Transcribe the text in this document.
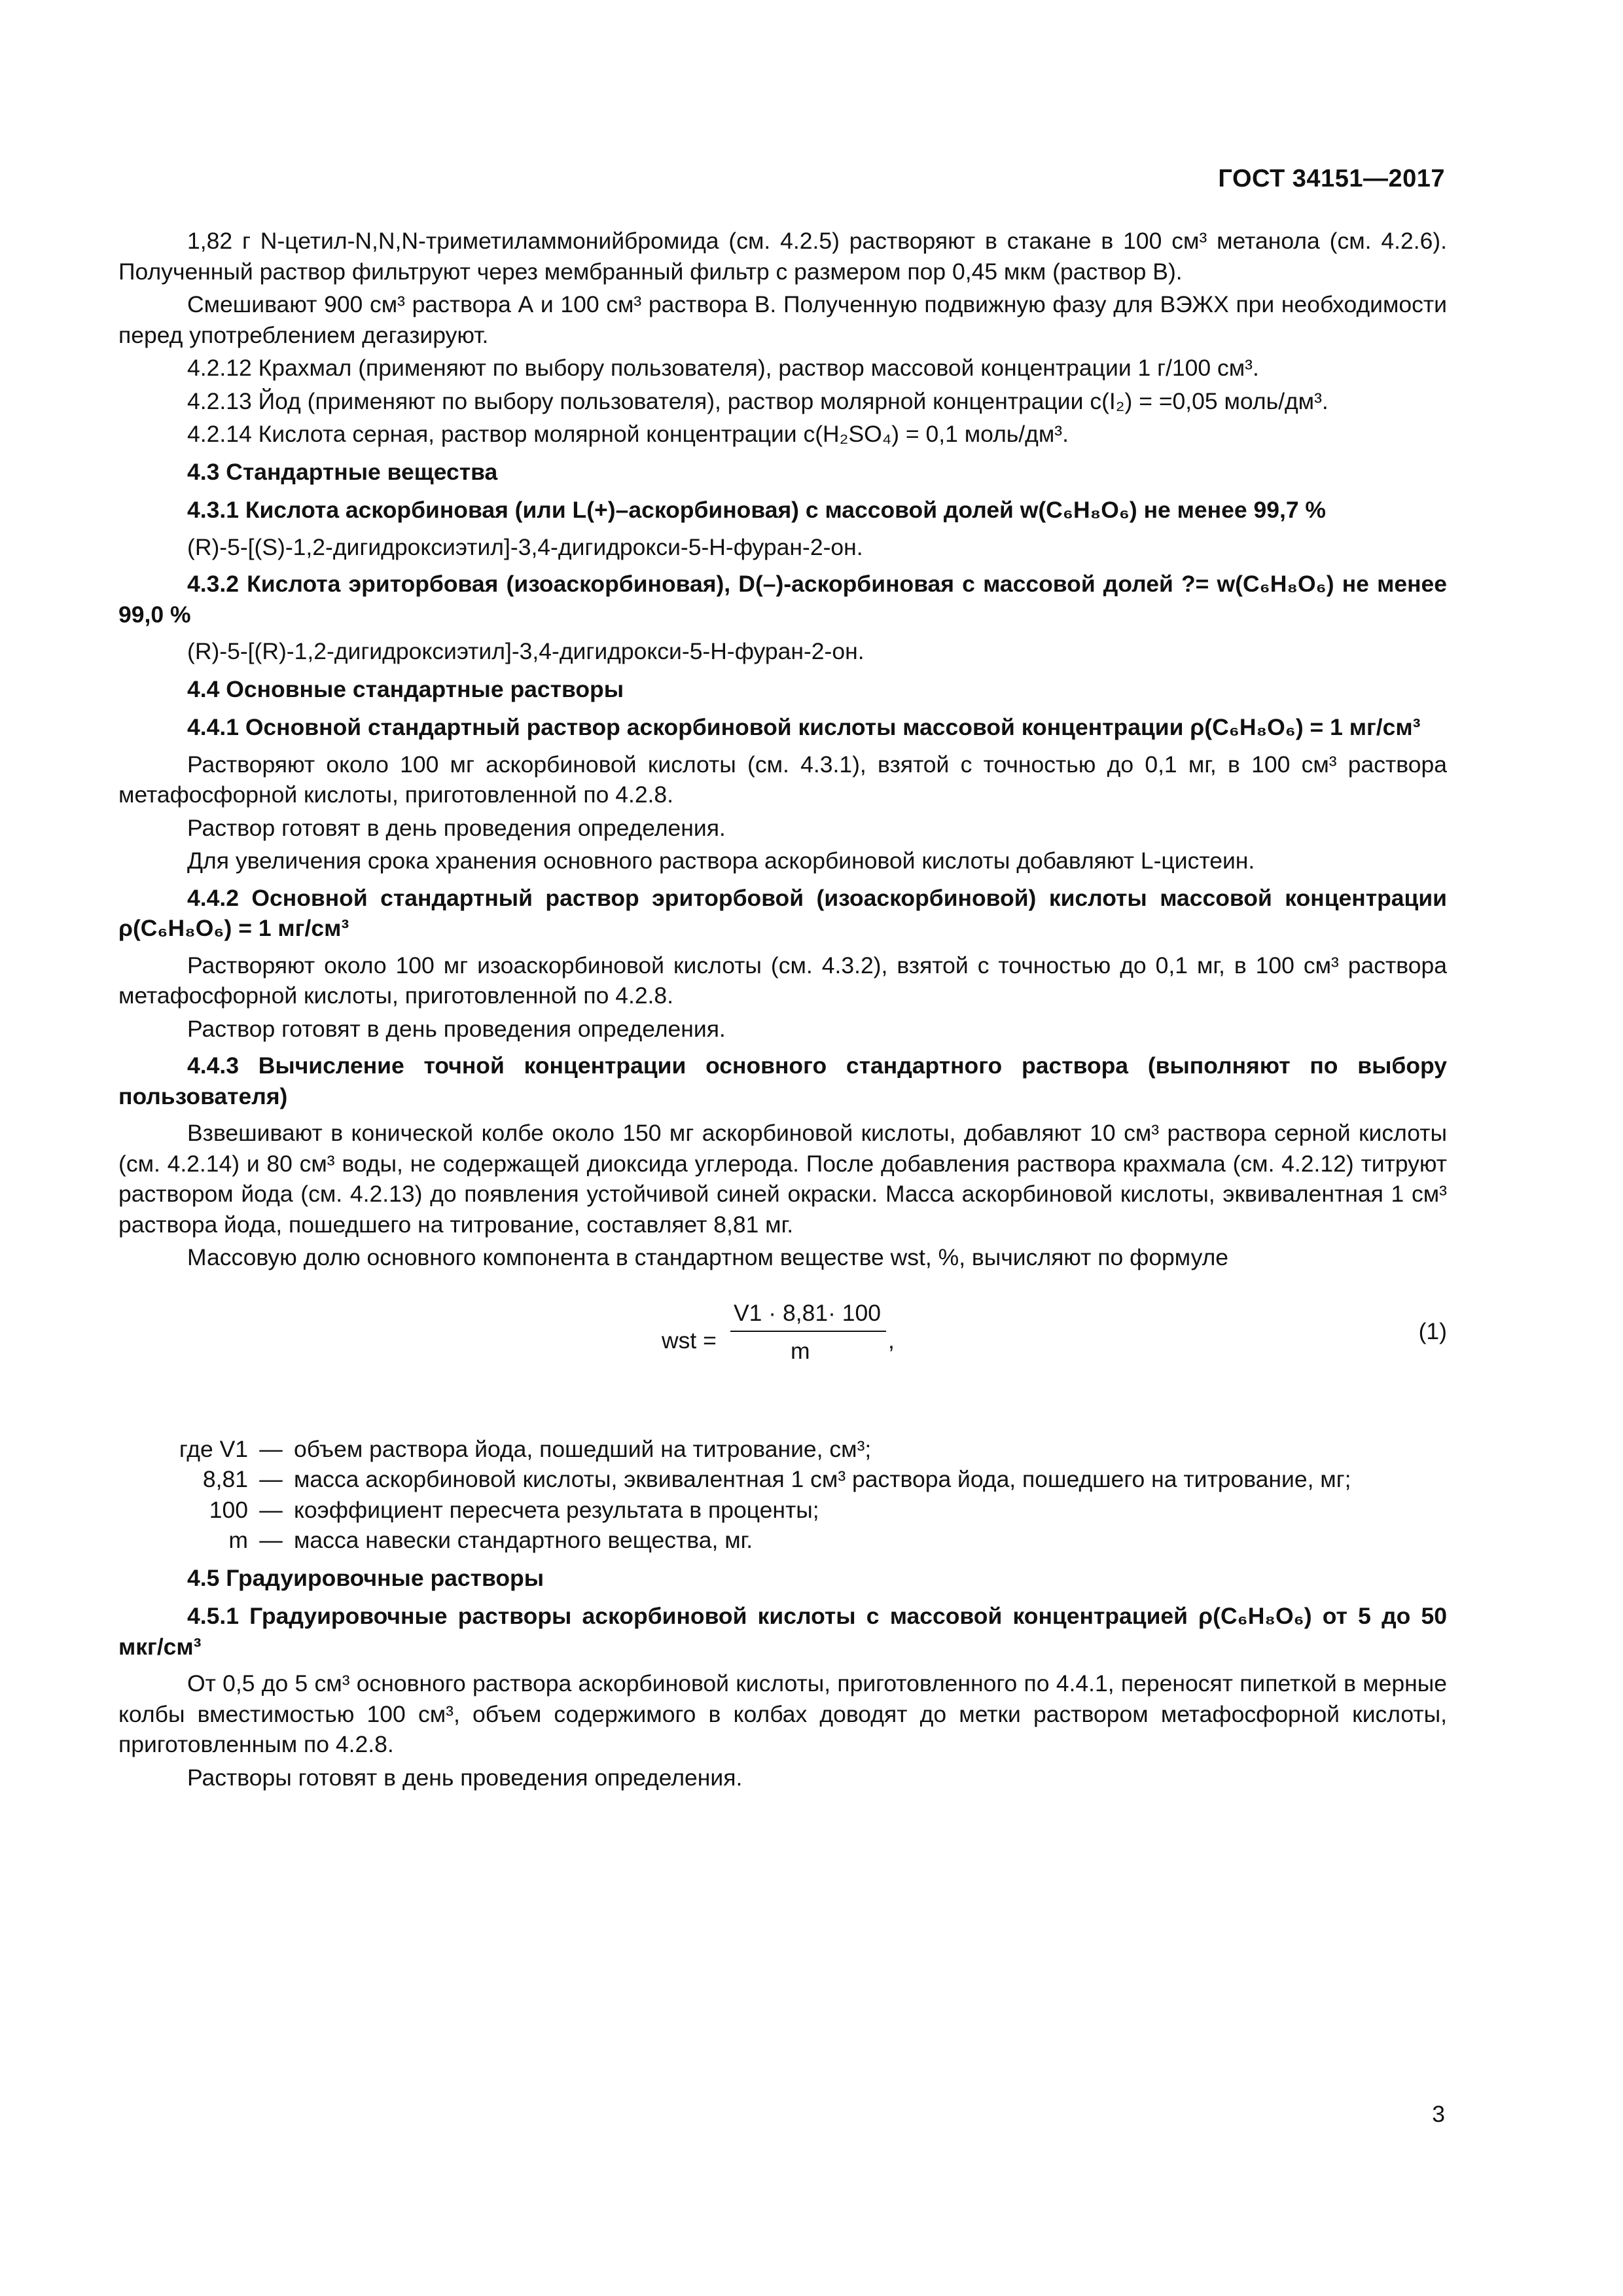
ГОСТ 34151—2017

1,82 г N-цетил-N,N,N-триметиламмонийбромида (см. 4.2.5) растворяют в стакане в 100 см³ метанола (см. 4.2.6). Полученный раствор фильтруют через мембранный фильтр с размером пор 0,45 мкм (раствор В).

Смешивают 900 см³ раствора А и 100 см³ раствора В. Полученную подвижную фазу для ВЭЖХ при необходимости перед употреблением дегазируют.

4.2.12 Крахмал (применяют по выбору пользователя), раствор массовой концентрации 1 г/100 см³.

4.2.13 Йод (применяют по выбору пользователя), раствор молярной концентрации c(I₂) = =0,05 моль/дм³.

4.2.14 Кислота серная, раствор молярной концентрации c(H₂SO₄) = 0,1 моль/дм³.

4.3 Стандартные вещества

4.3.1 Кислота аскорбиновая (или L(+)–аскорбиновая) с массовой долей w(C₆H₈O₆) не менее 99,7 %

(R)-5-[(S)-1,2-дигидроксиэтил]-3,4-дигидрокси-5-Н-фуран-2-он.

4.3.2 Кислота эриторбовая (изоаскорбиновая), D(–)-аскорбиновая с массовой долей ?= w(C₆H₈O₆) не менее 99,0 %

(R)-5-[(R)-1,2-дигидроксиэтил]-3,4-дигидрокси-5-Н-фуран-2-он.

4.4 Основные стандартные растворы

4.4.1 Основной стандартный раствор аскорбиновой кислоты массовой концентрации ρ(C₆H₈O₆) = 1 мг/см³

Растворяют около 100 мг аскорбиновой кислоты (см. 4.3.1), взятой с точностью до 0,1 мг, в 100 см³ раствора метафосфорной кислоты, приготовленной по 4.2.8.

Раствор готовят в день проведения определения.

Для увеличения срока хранения основного раствора аскорбиновой кислоты добавляют L-цистеин.

4.4.2 Основной стандартный раствор эриторбовой (изоаскорбиновой) кислоты массовой концентрации ρ(C₆H₈O₆) = 1 мг/см³

Растворяют около 100 мг изоаскорбиновой кислоты (см. 4.3.2), взятой с точностью до 0,1 мг, в 100 см³ раствора метафосфорной кислоты, приготовленной по 4.2.8.

Раствор готовят в день проведения определения.

4.4.3 Вычисление точной концентрации основного стандартного раствора (выполняют по выбору пользователя)

Взвешивают в конической колбе около 150 мг аскорбиновой кислоты, добавляют 10 см³ раствора серной кислоты (см. 4.2.14) и 80 см³ воды, не содержащей диоксида углерода. После добавления раствора крахмала (см. 4.2.12) титруют раствором йода (см. 4.2.13) до появления устойчивой синей окраски. Масса аскорбиновой кислоты, эквивалентная 1 см³ раствора йода, пошедшего на титрование, составляет 8,81 мг.

Массовую долю основного компонента в стандартном веществе wst, %, вычисляют по формуле

wst =
V1 · 8,81· 100
m	,	(1)
где V1 — объем раствора йода, пошедший на титрование, см³;
8,81 — масса аскорбиновой кислоты, эквивалентная 1 см³ раствора йода, пошедшего на титрование, мг;
100 — коэффициент пересчета результата в проценты;
m — масса навески стандартного вещества, мг.

4.5 Градуировочные растворы

4.5.1 Градуировочные растворы аскорбиновой кислоты с массовой концентрацией ρ(C₆H₈O₆) от 5 до 50 мкг/см³

От 0,5 до 5 см³ основного раствора аскорбиновой кислоты, приготовленного по 4.4.1, переносят пипеткой в мерные колбы вместимостью 100 см³, объем содержимого в колбах доводят до метки раствором метафосфорной кислоты, приготовленным по 4.2.8.

Растворы готовят в день проведения определения.

3
